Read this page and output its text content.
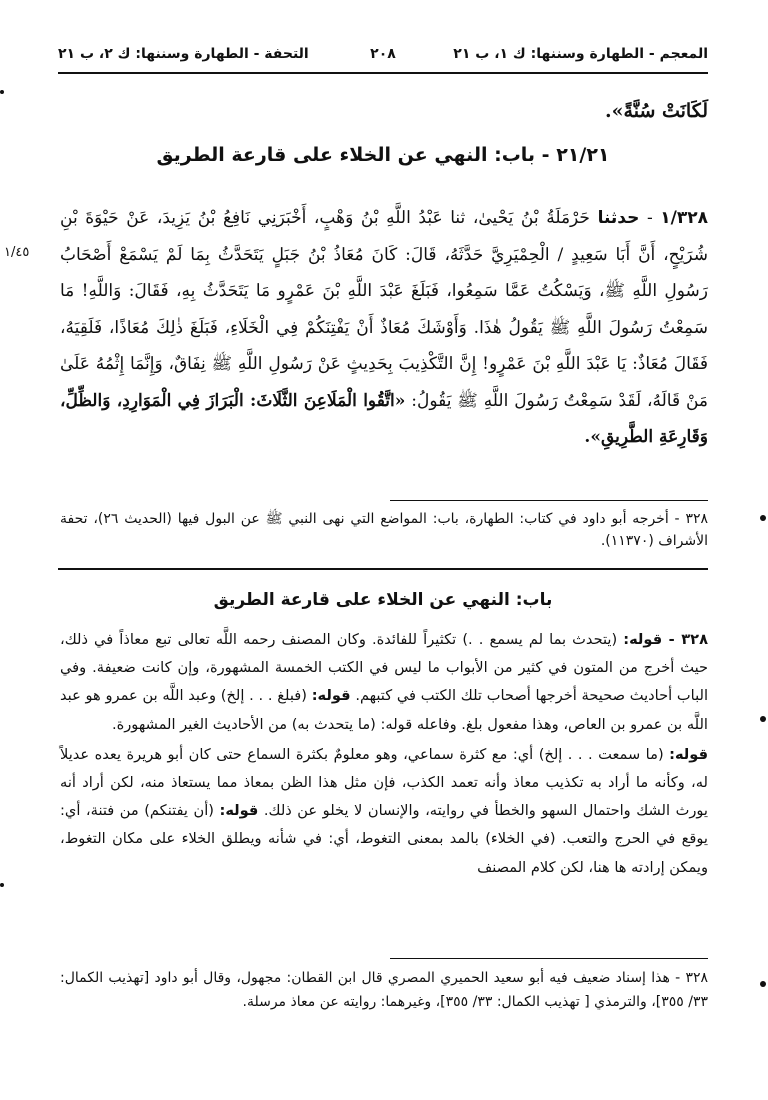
المعجم - الطهارة وسننها: ك ١، ب ٢١
٢٠٨
التحفة - الطهارة وسننها: ك ٢، ب ٢١
لَكَانَتْ سُنَّةً».
٢١/٢١ - باب: النهي عن الخلاء على قارعة الطريق
١/٣٢٨ - حدثنا حَرْمَلَةُ بْنُ يَحْيىٰ، ثنا عَبْدُ اللَّهِ بْنُ وَهْبٍ، أَخْبَرَنِي نَافِعُ بْنُ يَزِيدَ، عَنْ حَيْوَةَ بْنِ شُرَيْحٍ، أَنَّ أَبَا سَعِيدٍ / الْحِمْيَرِيَّ حَدَّثَهُ، قَالَ: كَانَ مُعَاذُ بْنُ جَبَلٍ يَتَحَدَّثُ بِمَا لَمْ يَسْمَعْ أَصْحَابُ رَسُولِ اللَّهِ ﷺ، وَيَسْكُتُ عَمَّا سَمِعُوا، فَبَلَغَ عَبْدَ اللَّهِ بْنَ عَمْرٍو مَا يَتَحَدَّثُ بِهِ، فَقَالَ: وَاللَّهِ! مَا سَمِعْتُ رَسُولَ اللَّهِ ﷺ يَقُولُ هٰذَا. وَأَوْشَكَ مُعَاذٌ أَنْ يَفْتِنَكُمْ فِي الْخَلَاءِ، فَبَلَغَ ذٰلِكَ مُعَاذًا، فَلَقِيَهُ، فَقَالَ مُعَاذٌ: يَا عَبْدَ اللَّهِ بْنَ عَمْرٍو! إِنَّ التَّكْذِيبَ بِحَدِيثٍ عَنْ رَسُولِ اللَّهِ ﷺ نِفَاقٌ، وَإِنَّمَا إِثْمُهُ عَلَىٰ مَنْ قَالَهُ، لَقَدْ سَمِعْتُ رَسُولَ اللَّهِ ﷺ يَقُولُ: «اتَّقُوا الْمَلَاعِنَ الثَّلَاثَ: الْبَرَازَ فِي الْمَوَارِدِ، وَالظِّلِّ، وَقَارِعَةِ الطَّرِيقِ».
١/٤٥
٣٢٨ - أخرجه أبو داود في كتاب: الطهارة، باب: المواضع التي نهى النبي ﷺ عن البول فيها (الحديث ٢٦)، تحفة الأشراف (١١٣٧٠).
باب: النهي عن الخلاء على قارعة الطريق

٣٢٨ - قوله: (يتحدث بما لم يسمع . .) تكثيراً للفائدة. وكان المصنف رحمه اللَّه تعالى تبع معاذاً في ذلك، حيث أخرج من المتون في كثير من الأبواب ما ليس في الكتب الخمسة المشهورة، وإن كانت ضعيفة. وفي الباب أحاديث صحيحة أخرجها أصحاب تلك الكتب في كتبهم. قوله: (فبلغ . . . إلخ) وعبد اللَّه بن عمرو هو عبد اللَّه بن عمرو بن العاص، وهذا مفعول بلغ. وفاعله قوله: (ما يتحدث به) من الأحاديث الغير المشهورة.

قوله: (ما سمعت . . . إلخ) أي: مع كثرة سماعي، وهو معلومٌ بكثرة السماع حتى كان أبو هريرة يعده عديلاً له، وكأنه ما أراد به تكذيب معاذ وأنه تعمد الكذب، فإن مثل هذا الظن بمعاذ مما يستعاذ منه، لكن أراد أنه يورث الشك واحتمال السهو والخطأ في روايته، والإنسان لا يخلو عن ذلك. قوله: (أن يفتنكم) من فتنة، أي: يوقع في الحرج والتعب. (في الخلاء) بالمد بمعنى التغوط، أي: في شأنه ويطلق الخلاء على مكان التغوط، ويمكن إرادته ها هنا، لكن كلام المصنف

٣٢٨ - هذا إسناد ضعيف فيه أبو سعيد الحميري المصري قال ابن القطان: مجهول، وقال أبو داود [تهذيب الكمال: ٣٣/ ٣٥٥]، والترمذي [ تهذيب الكمال: ٣٣/ ٣٥٥]، وغيرهما: روايته عن معاذ مرسلة.
